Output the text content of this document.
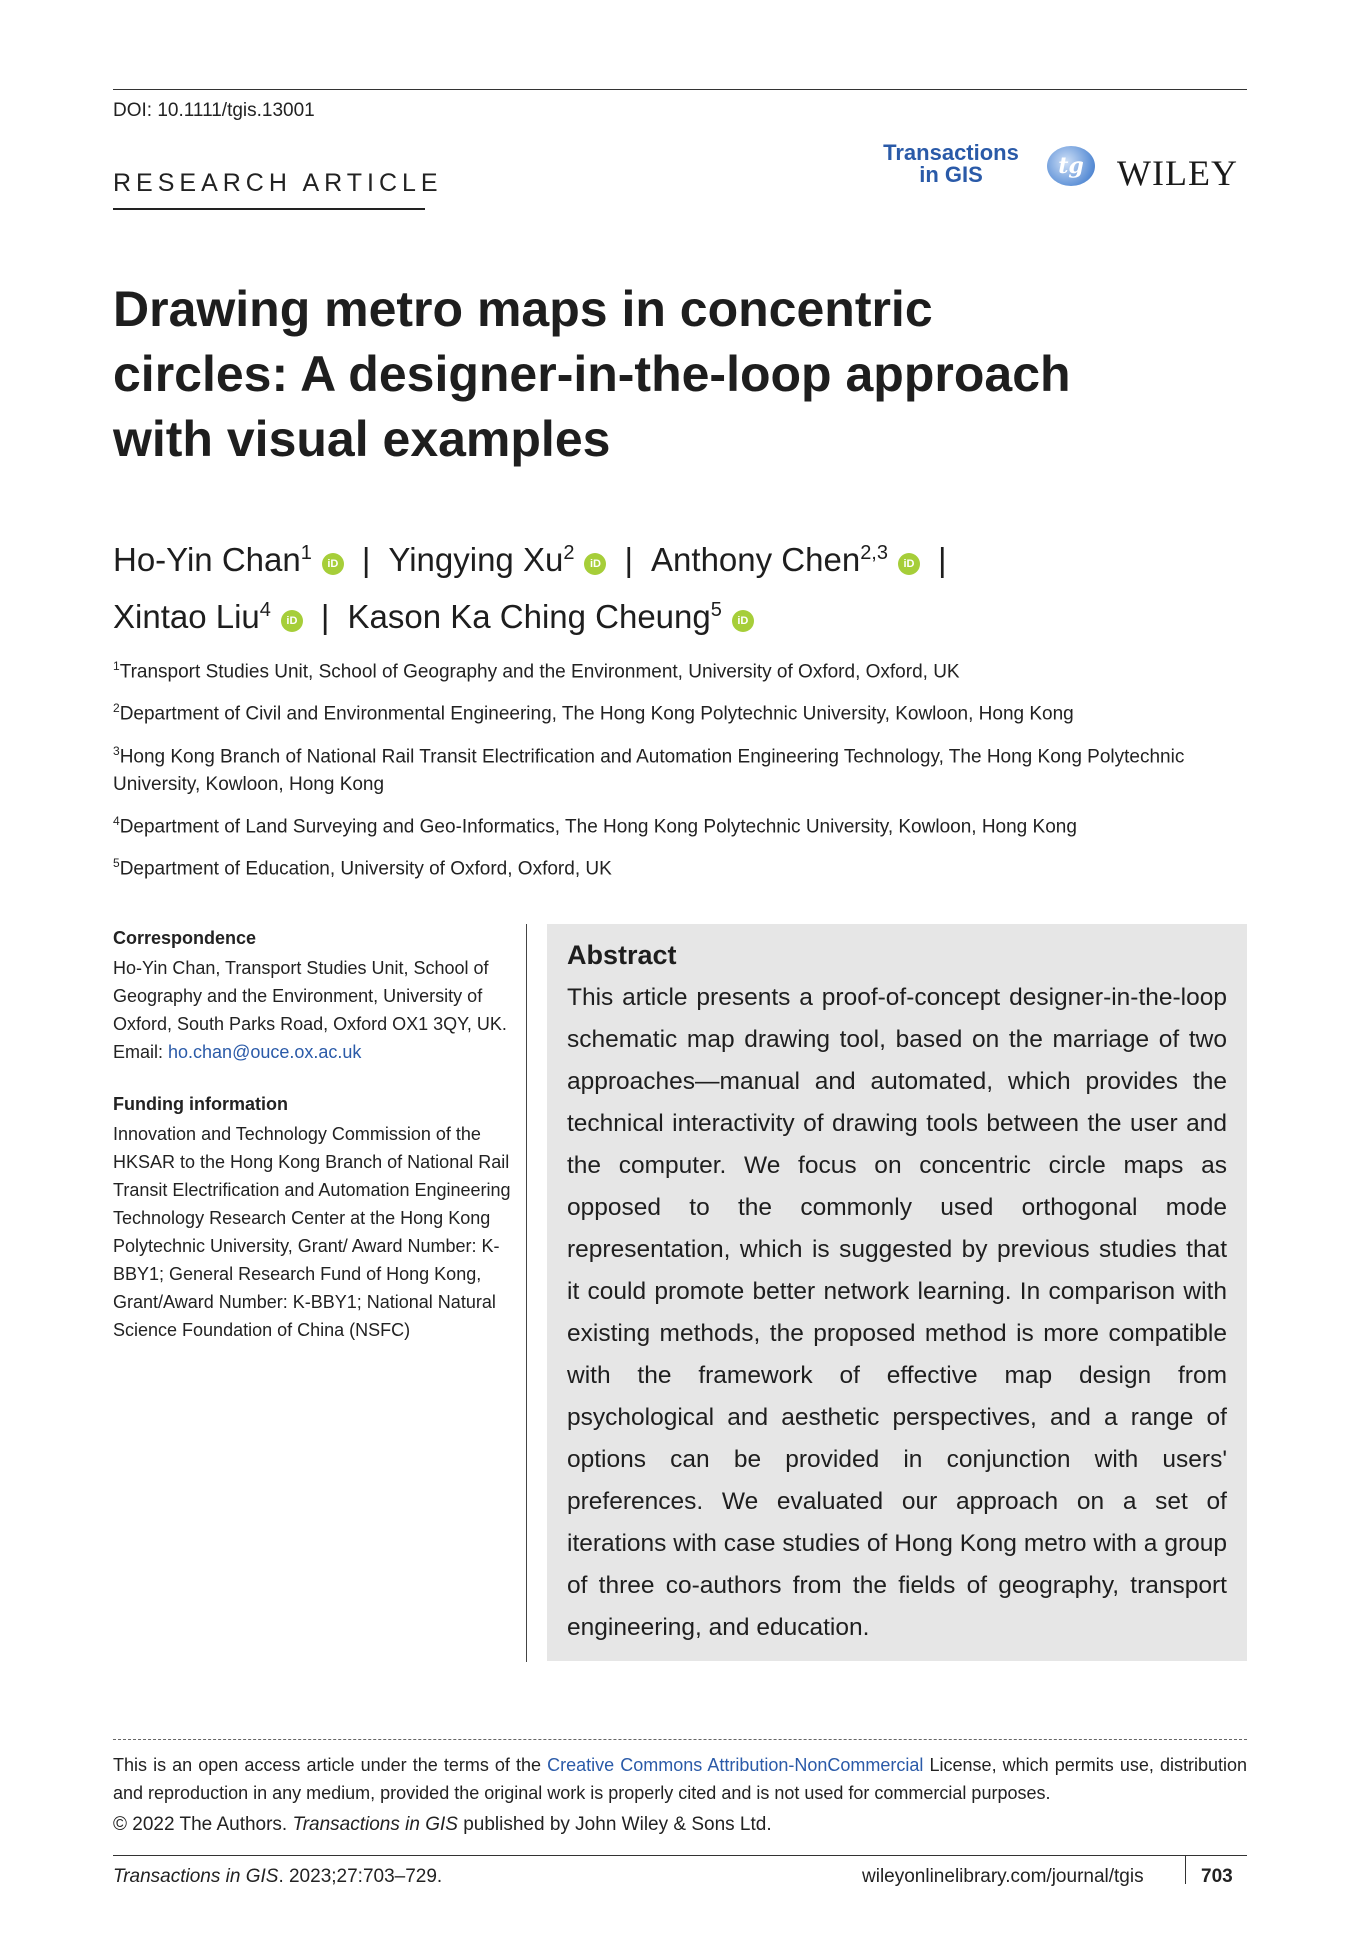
DOI: 10.1111/tgis.13001
RESEARCH ARTICLE
Transactions
in GIS	tg WILEY
Drawing metro maps in concentric circles: A designer-in-the-loop approach with visual examples
Ho-Yin Chan$^1$ iD | Yingying Xu$^2$ iD | Anthony Chen$^{2,3}$ iD |
Xintao Liu$^4$ iD | Kason Ka Ching Cheung$^5$ iD
$^1$Transport Studies Unit, School of Geography and the Environment, University of Oxford, Oxford, UK
$^2$Department of Civil and Environmental Engineering, The Hong Kong Polytechnic University, Kowloon, Hong Kong
$^3$Hong Kong Branch of National Rail Transit Electrification and Automation Engineering Technology, The Hong Kong Polytechnic University, Kowloon, Hong Kong
$^4$Department of Land Surveying and Geo-Informatics, The Hong Kong Polytechnic University, Kowloon, Hong Kong
$^5$Department of Education, University of Oxford, Oxford, UK
Correspondence
Ho-Yin Chan, Transport Studies Unit, School of Geography and the Environment, University of Oxford, South Parks Road, Oxford OX1 3QY, UK.
Email: ho.chan@ouce.ox.ac.uk
Funding information
Innovation and Technology Commission of the HKSAR to the Hong Kong Branch of National Rail Transit Electrification and Automation Engineering Technology Research Center at the Hong Kong Polytechnic University, Grant/ Award Number: K-BBY1; General Research Fund of Hong Kong, Grant/Award Number: K-BBY1; National Natural Science Foundation of China (NSFC)
Abstract
This article presents a proof-of-concept designer-in-the-loop schematic map drawing tool, based on the marriage of two approaches—manual and automated, which provides the technical interactivity of drawing tools between the user and the computer. We focus on concentric circle maps as opposed to the commonly used orthogonal mode representation, which is suggested by previous studies that it could promote better network learning. In comparison with existing methods, the proposed method is more compatible with the framework of effective map design from psychological and aesthetic perspectives, and a range of options can be provided in conjunction with users' preferences. We evaluated our approach on a set of iterations with case studies of Hong Kong metro with a group of three co-authors from the fields of geography, transport engineering, and education.
This is an open access article under the terms of the Creative Commons Attribution-NonCommercial License, which permits use, distribution and reproduction in any medium, provided the original work is properly cited and is not used for commercial purposes.
© 2022 The Authors. Transactions in GIS published by John Wiley & Sons Ltd.
Transactions in GIS. 2023;27:703–729.	wileyonlinelibrary.com/journal/tgis	703
